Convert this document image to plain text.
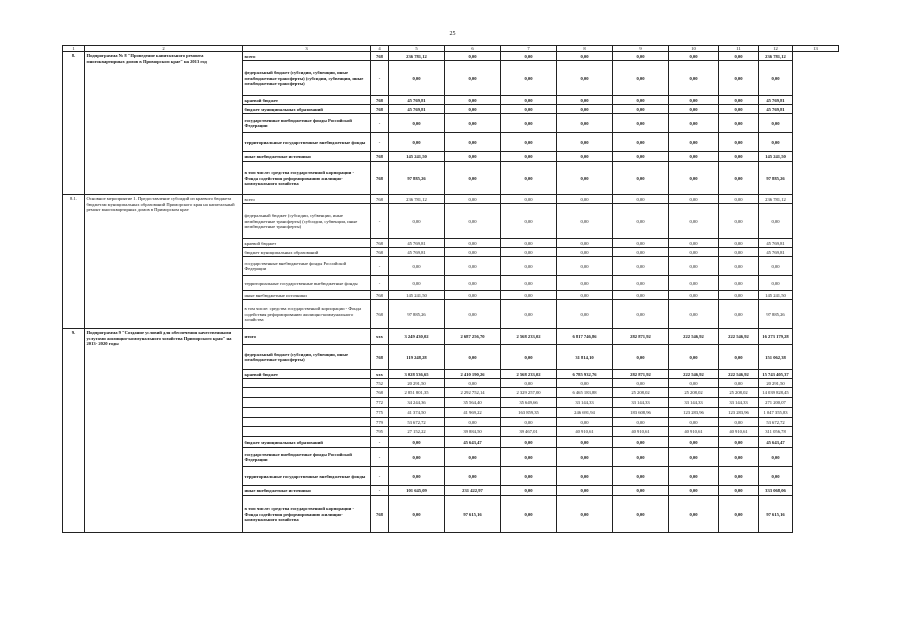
25
1	2	3	4	5	6	7	8	9	10	11	12	13
8.	Подпрограмма № 8 "Проведение капитального ремонта многоквартирных домов в Приморском крае" на 2013 год	всего	768	236 781,12	0,00	0,00	0,00	0,00	0,00	0,00	236 781,12	
		федеральный бюджет (субсидии, субвенции, иные межбюджетные трансферты) (субсидии, субвенции, иные межбюджетные трансферты)	-	0,00	0,00	0,00	0,00	0,00	0,00	0,00	0,00	
		краевой бюджет	768	45 769,81	0,00	0,00	0,00	0,00	0,00	0,00	45 769,81	
		бюджет муниципальных образований	768	45 769,81	0,00	0,00	0,00	0,00	0,00	0,00	45 769,81	
		государственные внебюджетные фонды Российской Федерации	-	0,00	0,00	0,00	0,00	0,00	0,00	0,00	0,00	
		территориальные государственные внебюджетные фонды	-	0,00	0,00	0,00	0,00	0,00	0,00	0,00	0,00	
		иные внебюджетные источники	768	145 241,50	0,00	0,00	0,00	0,00	0,00	0,00	145 241,50	
		в том числе: средства государственной корпорации - Фонда содействия реформированию жилищно-коммунального хозяйства	768	97 885,26	0,00	0,00	0,00	0,00	0,00	0,00	97 885,26	
8.1.	Основное мероприятие 1. Предоставление субсидий из краевого бюджета бюджетам муниципальных образований Приморского края на капитальный ремонт многоквартирных домов в Приморском крае	всего	768	236 781,12	0,00	0,00	0,00	0,00	0,00	0,00	236 781,12	
		федеральный бюджет (субсидии, субвенции, иные межбюджетные трансферты) (субсидии, субвенции, иные межбюджетные трансферты)	-	0,00	0,00	0,00	0,00	0,00	0,00	0,00	0,00	
		краевой бюджет	768	45 769,81	0,00	0,00	0,00	0,00	0,00	0,00	45 769,81	
		бюджет муниципальных образований	768	45 769,81	0,00	0,00	0,00	0,00	0,00	0,00	45 769,81	
		государственные внебюджетные фонды Российской Федерации	-	0,00	0,00	0,00	0,00	0,00	0,00	0,00	0,00	
		территориальные государственные внебюджетные фонды	-	0,00	0,00	0,00	0,00	0,00	0,00	0,00	0,00	
		иные внебюджетные источники	768	145 241,50	0,00	0,00	0,00	0,00	0,00	0,00	145 241,50	
		в том числе: средства государственной корпорации - Фонда содействия реформированию жилищно-коммунального хозяйства	768	97 885,26	0,00	0,00	0,00	0,00	0,00	0,00	97 885,26	
9.	Подпрограмма 9 "Создание условий для обеспечения качественными услугами жилищно-коммунального хозяйства Приморского края" на 2013- 2020 годы	итого	ххх	3 249 430,02	2 687 256,70	2 568 233,02	6 817 746,86	282 871,92	222 546,92	222 546,92	16 273 179,28	
		федеральный бюджет (субсидии, субвенции, иные межбюджетные трансферты)	768	119 248,28	0,00	0,00	31 814,10	0,00	0,00	0,00	151 062,38	
		краевой бюджет	ххх	3 028 536,65	2 410 190,26	2 568 233,02	6 785 932,76	282 871,92	222 546,92	222 546,92	15 743 405,37	
			752	20 291,50	0,00	0,00	0,00	0,00	0,00	0,00	20 291,50	
			768	2 851 801,35	2 292 752,14	2 329 257,00	6 465 183,88	25 208,02	25 208,02	25 208,02	14 039 828,45	
			772	34 244,36	35 564,40	35 649,66	33 144,33	33 144,33	33 144,33	33 144,33	271 200,07	
			775	41 374,50	41 969,22	163 859,35	246 691,94	183 608,96	123 283,96	123 283,96	1 047 355,83	
			779	53 672,72	0,00	0,00	0,00	0,00	0,00	0,00	53 672,72	
			795	27 152,22	39 884,50	39 467,01	40 910,61	40 910,61	40 910,61	40 910,61	311 056,78	
		бюджет муниципальных образований	-	0,00	45 643,47	0,00	0,00	0,00	0,00	0,00	45 643,47	
		государственные внебюджетные фонды Российской Федерации	-	0,00	0,00	0,00	0,00	0,00	0,00	0,00	0,00	
		территориальные государственные внебюджетные фонды	-	0,00	0,00	0,00	0,00	0,00	0,00	0,00	0,00	
		иные внебюджетные источники	-	101 645,09	231 422,97	0,00	0,00	0,00	0,00	0,00	333 068,06	
		в том числе: средства государственной корпорации - Фонда содействия реформированию жилищно-коммунального хозяйства	768	0,00	97 615,16	0,00	0,00	0,00	0,00	0,00	97 615,16	
